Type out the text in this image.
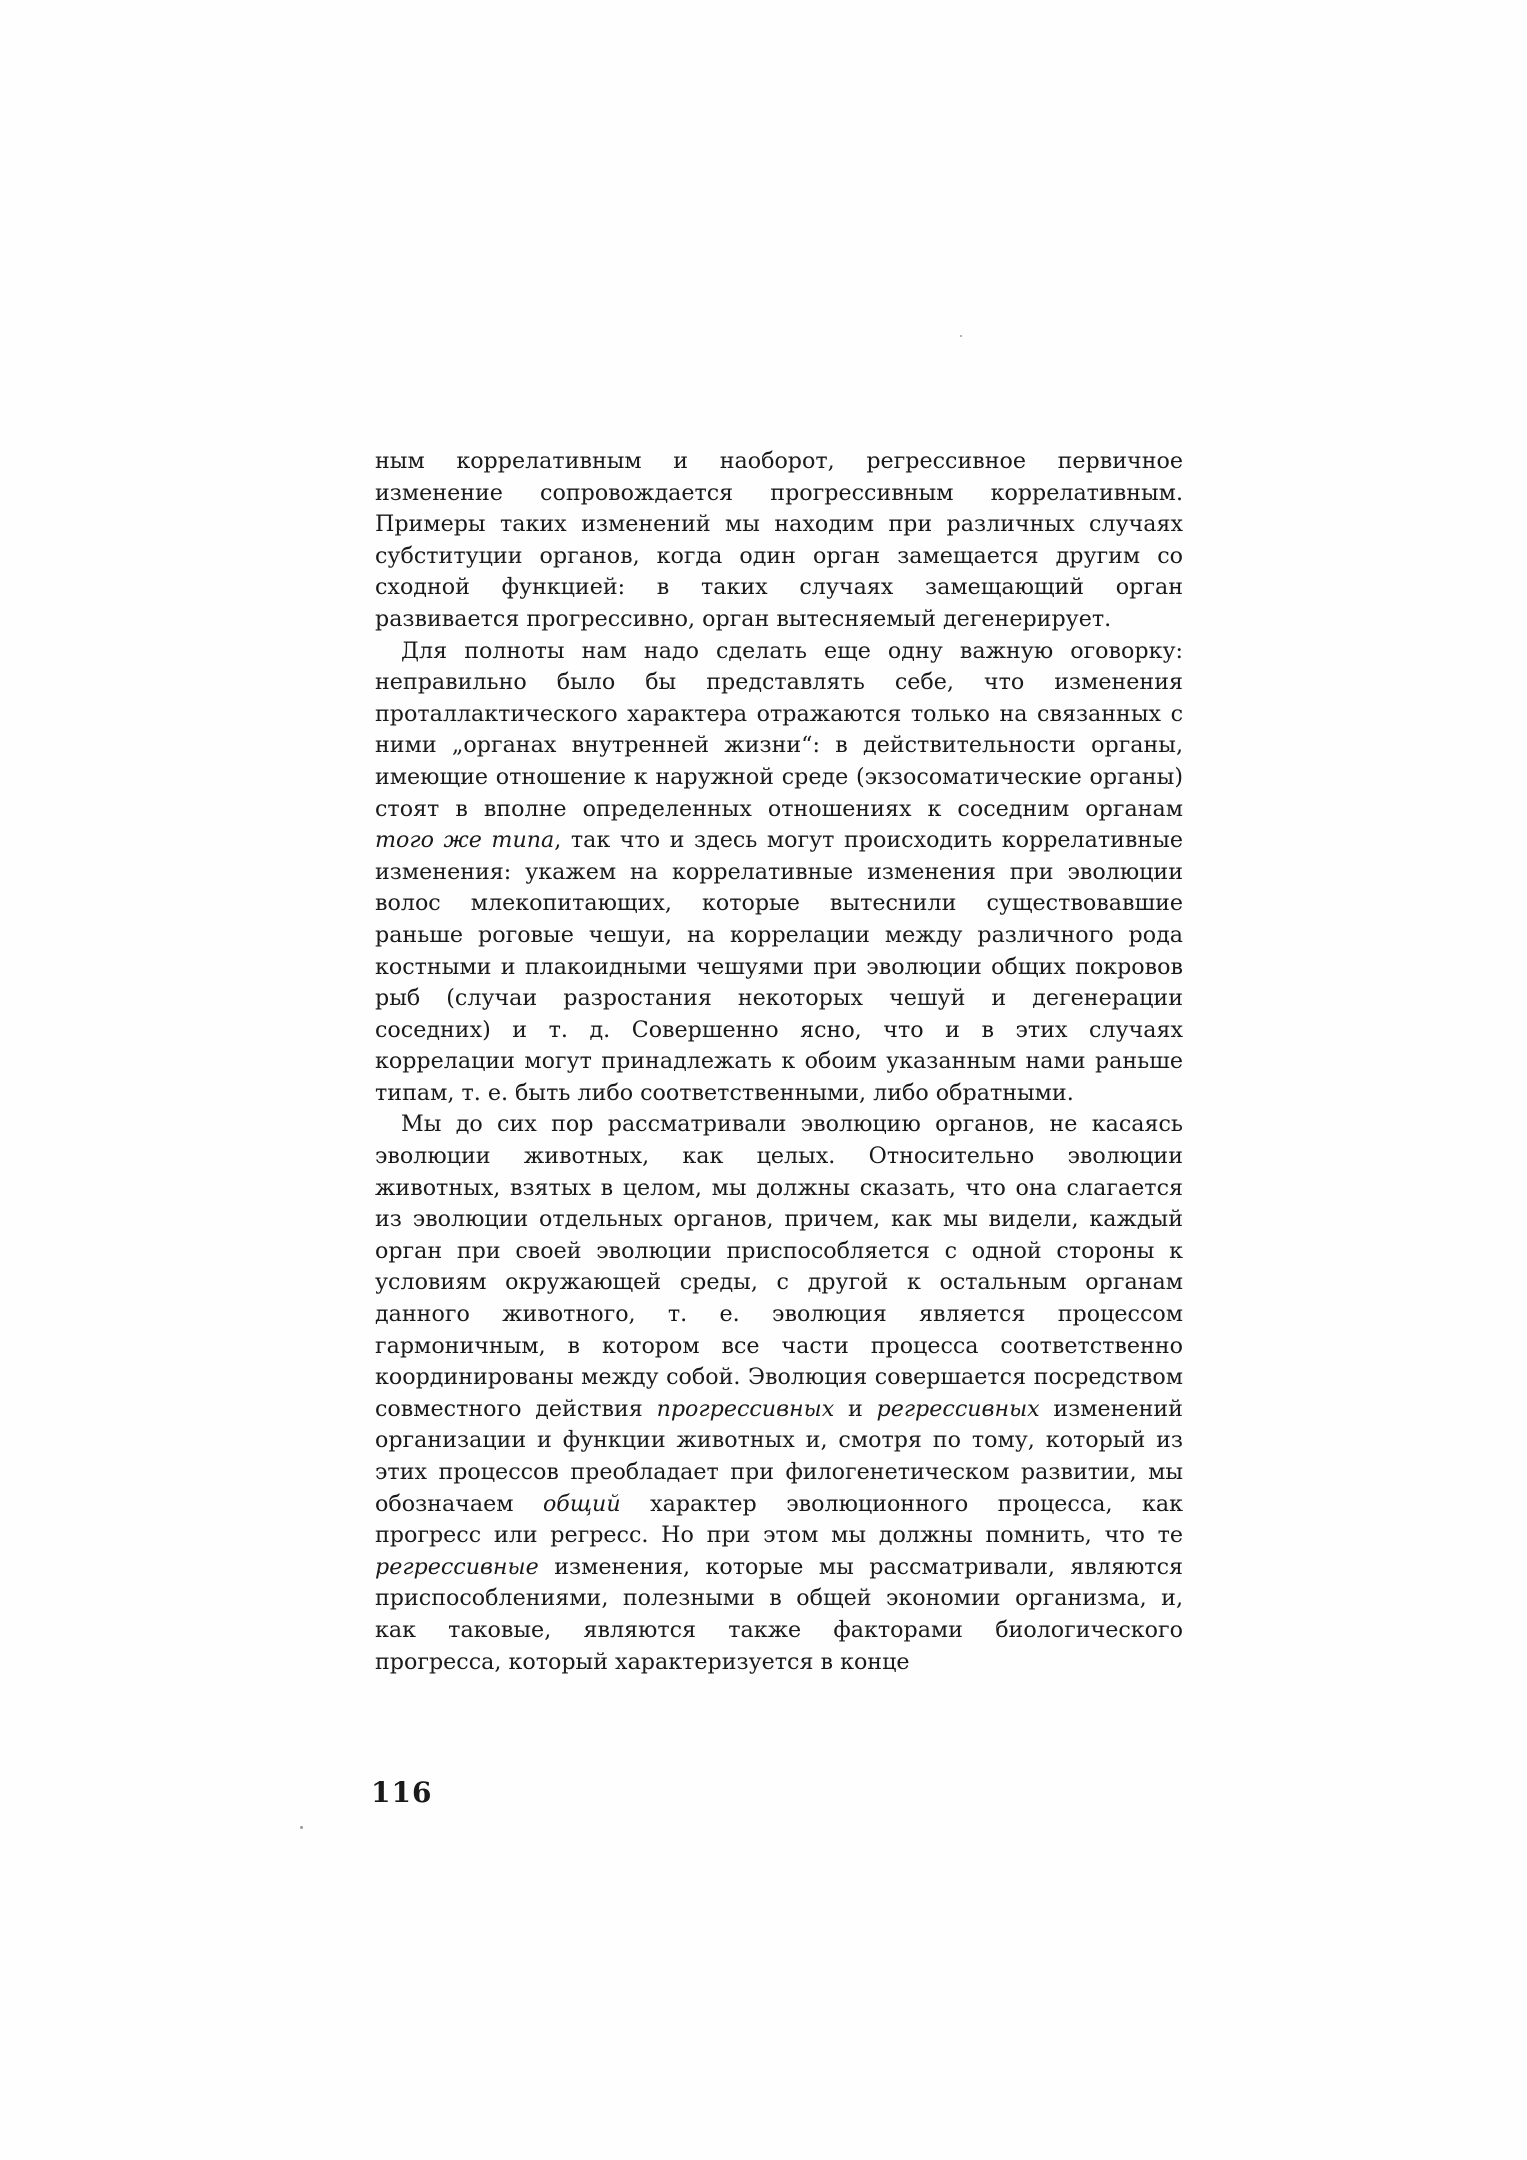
ным коррелативным и наоборот, регрессивное первичное изменение сопровождается прогрессивным коррелативным. Примеры таких изменений мы находим при различных случаях субституции органов, когда один орган замещается другим со сходной функцией: в таких случаях замещающий орган развивается прогрессивно, орган вытесняемый дегенерирует.

Для полноты нам надо сделать еще одну важную оговорку: неправильно было бы представлять себе, что изменения проталлактического характера отражаются только на связанных с ними „органах внутренней жизни“: в действительности органы, имеющие отношение к наружной среде (экзосоматические органы) стоят в вполне определенных отношениях к соседним органам того же типа, так что и здесь могут происходить коррелативные изменения: укажем на коррелативные изменения при эволюции волос млекопитающих, которые вытеснили существовавшие раньше роговые чешуи, на коррелации между различного рода костными и плакоидными чешуями при эволюции общих покровов рыб (случаи разростания некоторых чешуй и дегенерации соседних) и т. д. Совершенно ясно, что и в этих случаях коррелации могут принадлежать к обоим указанным нами раньше типам, т. е. быть либо соответственными, либо обратными.

Мы до сих пор рассматривали эволюцию органов, не касаясь эволюции животных, как целых. Относительно эволюции животных, взятых в целом, мы должны сказать, что она слагается из эволюции отдельных органов, причем, как мы видели, каждый орган при своей эволюции приспособляется с одной стороны к условиям окружающей среды, с другой к остальным органам данного животного, т. е. эволюция является процессом гармоничным, в котором все части процесса соответственно координированы между собой. Эволюция совершается посредством совместного действия прогрессивных и регрессивных изменений организации и функции животных и, смотря по тому, который из этих процессов преобладает при филогенетическом развитии, мы обозначаем общий характер эволюционного процесса, как прогресс или регресс. Но при этом мы должны помнить, что те регрессивные изменения, которые мы рассматривали, являются приспособлениями, полезными в общей экономии организма, и, как таковые, являются также факторами биологического прогресса, который характеризуется в конце

116
